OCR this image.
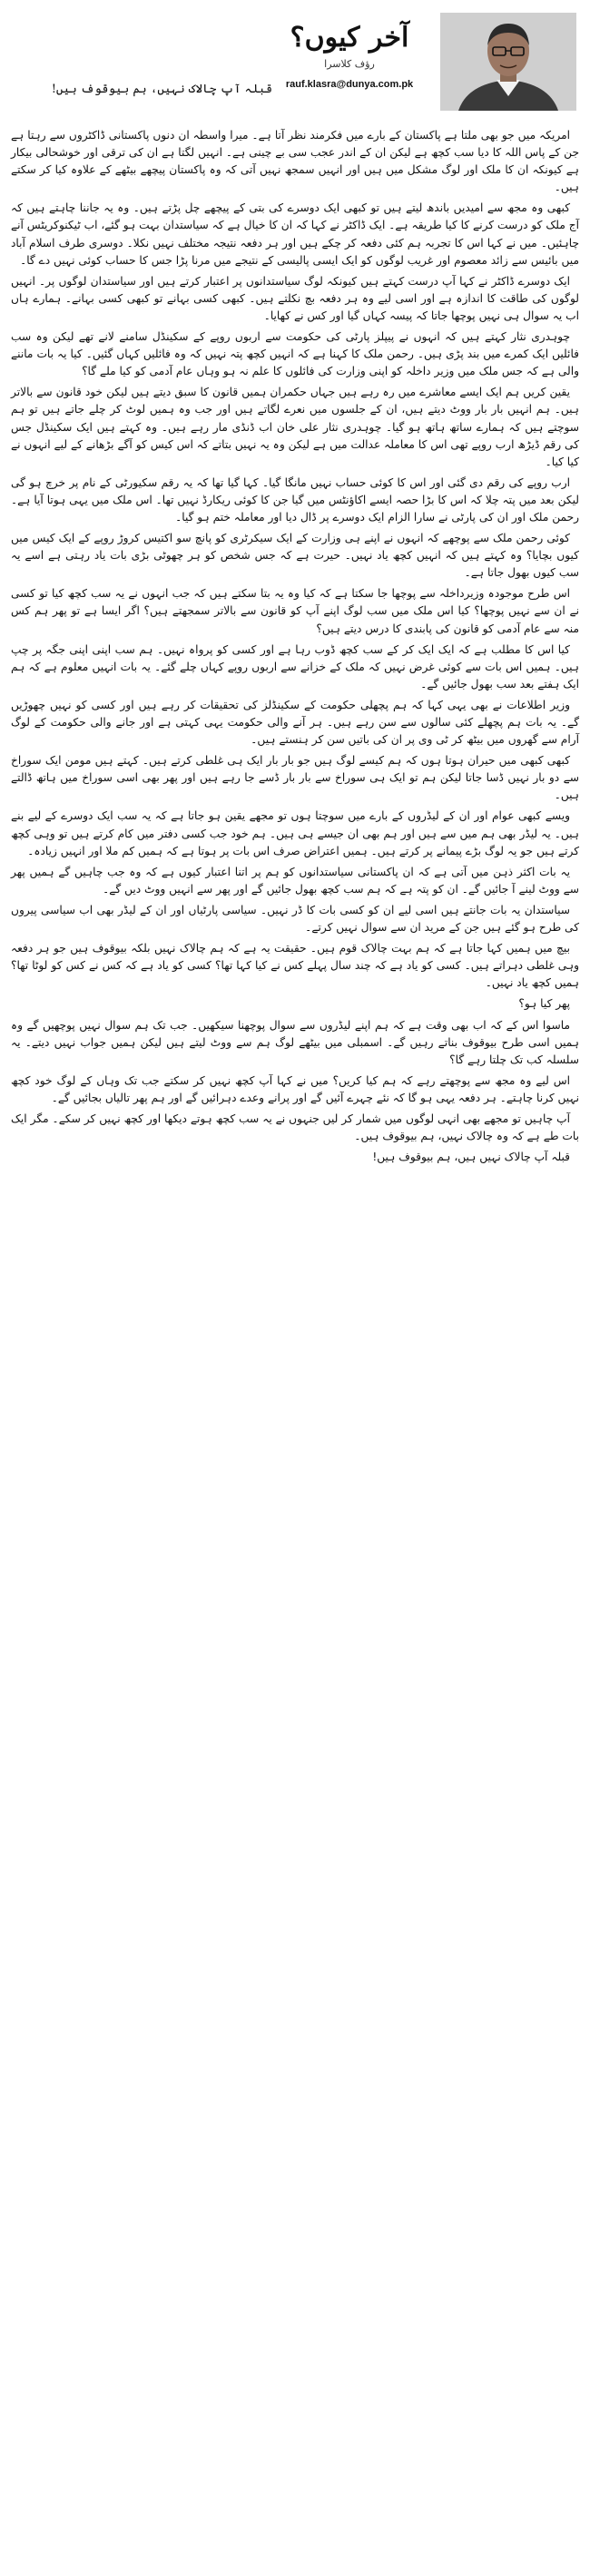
آخر کیوں؟
رؤف کلاسرا
rauf.klasra@dunya.com.pk
قبلہ آپ چالاک نہیں، ہم بیوقوف ہیں!

امریکہ میں جو بھی ملتا ہے پاکستان کے بارے میں فکرمند نظر آتا ہے۔ میرا واسطہ ان دنوں پاکستانی ڈاکٹروں سے رہتا ہے جن کے پاس اللہ کا دیا سب کچھ ہے لیکن ان کے اندر عجب سی بے چینی ہے۔ انہیں لگتا ہے ان کی ترقی اور خوشحالی بیکار ہے کیونکہ ان کا ملک اور لوگ مشکل میں ہیں اور انہیں سمجھ نہیں آتی کہ وہ پاکستان پیچھے بیٹھے کے علاوہ کیا کر سکتے ہیں۔

کبھی وہ مجھ سے امیدیں باندھ لیتے ہیں تو کبھی ایک دوسرے کی بتی کے پیچھے چل پڑتے ہیں۔ وہ یہ جاننا چاہتے ہیں کہ آج ملک کو درست کرنے کا کیا طریقہ ہے۔ ایک ڈاکٹر نے کہا کہ ان کا خیال ہے کہ سیاستدان بہت ہو گئے، اب ٹیکنوکریٹس آنے چاہئیں۔ میں نے کہا اس کا تجربہ ہم کئی دفعہ کر چکے ہیں اور ہر دفعہ نتیجہ مختلف نہیں نکلا۔ دوسری طرف اسلام آباد میں بائیس سے زائد معصوم اور غریب لوگوں کو ایک ایسی پالیسی کے نتیجے میں مرنا پڑا جس کا حساب کوئی نہیں دے گا۔

ایک دوسرے ڈاکٹر نے کہا آپ درست کہتے ہیں کیونکہ لوگ سیاستدانوں پر اعتبار کرتے ہیں اور سیاستدان لوگوں پر۔ انہیں لوگوں کی طاقت کا اندازہ ہے اور اسی لیے وہ ہر دفعہ بچ نکلتے ہیں۔ کبھی کسی بہانے تو کبھی کسی بہانے۔ ہمارے ہاں اب یہ سوال ہی نہیں پوچھا جاتا کہ پیسہ کہاں گیا اور کس نے کھایا۔

چوہدری نثار کہتے ہیں کہ انہوں نے پیپلز پارٹی کی حکومت سے اربوں روپے کے سکینڈل سامنے لانے تھے لیکن وہ سب فائلیں ایک کمرے میں بند پڑی ہیں۔ رحمن ملک کا کہنا ہے کہ انہیں کچھ پتہ نہیں کہ وہ فائلیں کہاں گئیں۔ کیا یہ بات ماننے والی ہے کہ جس ملک میں وزیر داخلہ کو اپنی وزارت کی فائلوں کا علم نہ ہو وہاں عام آدمی کو کیا ملے گا؟

یقین کریں ہم ایک ایسے معاشرے میں رہ رہے ہیں جہاں حکمران ہمیں قانون کا سبق دیتے ہیں لیکن خود قانون سے بالاتر ہیں۔ ہم انہیں بار بار ووٹ دیتے ہیں، ان کے جلسوں میں نعرے لگاتے ہیں اور جب وہ ہمیں لوٹ کر چلے جاتے ہیں تو ہم سوچتے ہیں کہ ہمارے ساتھ ہاتھ ہو گیا۔ چوہدری نثار علی خان اب ڈنڈی مار رہے ہیں۔ وہ کہتے ہیں ایک سکینڈل جس کی رقم ڈیڑھ ارب روپے تھی اس کا معاملہ عدالت میں ہے لیکن وہ یہ نہیں بتاتے کہ اس کیس کو آگے بڑھانے کے لیے انہوں نے کیا کیا۔

ارب روپے کی رقم دی گئی اور اس کا کوئی حساب نہیں مانگا گیا۔ کہا گیا تھا کہ یہ رقم سکیورٹی کے نام پر خرچ ہو گی لیکن بعد میں پتہ چلا کہ اس کا بڑا حصہ ایسے اکاؤنٹس میں گیا جن کا کوئی ریکارڈ نہیں تھا۔ اس ملک میں یہی ہوتا آیا ہے۔ رحمن ملک اور ان کی پارٹی نے سارا الزام ایک دوسرے پر ڈال دیا اور معاملہ ختم ہو گیا۔

کوئی رحمن ملک سے پوچھے کہ انہوں نے اپنے ہی وزارت کے ایک سیکرٹری کو پانچ سو اکتیس کروڑ روپے کے ایک کیس میں کیوں بچایا؟ وہ کہتے ہیں کہ انہیں کچھ یاد نہیں۔ حیرت ہے کہ جس شخص کو ہر چھوٹی بڑی بات یاد رہتی ہے اسے یہ سب کیوں بھول جاتا ہے۔

اس طرح موجودہ وزیرداخلہ سے پوچھا جا سکتا ہے کہ کیا وہ یہ بتا سکتے ہیں کہ جب انہوں نے یہ سب کچھ کیا تو کسی نے ان سے نہیں پوچھا؟ کیا اس ملک میں سب لوگ اپنے آپ کو قانون سے بالاتر سمجھتے ہیں؟ اگر ایسا ہے تو پھر ہم کس منہ سے عام آدمی کو قانون کی پابندی کا درس دیتے ہیں؟

کیا اس کا مطلب ہے کہ ایک ایک کر کے سب کچھ ڈوب رہا ہے اور کسی کو پرواہ نہیں۔ ہم سب اپنی اپنی جگہ پر چپ ہیں۔ ہمیں اس بات سے کوئی غرض نہیں کہ ملک کے خزانے سے اربوں روپے کہاں چلے گئے۔ یہ بات انہیں معلوم ہے کہ ہم ایک ہفتے بعد سب بھول جائیں گے۔

وزیر اطلاعات نے بھی یہی کہا کہ ہم پچھلی حکومت کے سکینڈلز کی تحقیقات کر رہے ہیں اور کسی کو نہیں چھوڑیں گے۔ یہ بات ہم پچھلے کئی سالوں سے سن رہے ہیں۔ ہر آنے والی حکومت یہی کہتی ہے اور جانے والی حکومت کے لوگ آرام سے گھروں میں بیٹھ کر ٹی وی پر ان کی باتیں سن کر ہنستے ہیں۔

کبھی کبھی میں حیران ہوتا ہوں کہ ہم کیسے لوگ ہیں جو بار بار ایک ہی غلطی کرتے ہیں۔ کہتے ہیں مومن ایک سوراخ سے دو بار نہیں ڈسا جاتا لیکن ہم تو ایک ہی سوراخ سے بار بار ڈسے جا رہے ہیں اور پھر بھی اسی سوراخ میں ہاتھ ڈالتے ہیں۔

ویسے کبھی عوام اور ان کے لیڈروں کے بارے میں سوچتا ہوں تو مجھے یقین ہو جاتا ہے کہ یہ سب ایک دوسرے کے لیے بنے ہیں۔ یہ لیڈر بھی ہم میں سے ہیں اور ہم بھی ان جیسے ہی ہیں۔ ہم خود جب کسی دفتر میں کام کرتے ہیں تو وہی کچھ کرتے ہیں جو یہ لوگ بڑے پیمانے پر کرتے ہیں۔ ہمیں اعتراض صرف اس بات پر ہوتا ہے کہ ہمیں کم ملا اور انہیں زیادہ۔

یہ بات اکثر ذہن میں آتی ہے کہ ان پاکستانی سیاستدانوں کو ہم پر اتنا اعتبار کیوں ہے کہ وہ جب چاہیں گے ہمیں پھر سے ووٹ لینے آ جائیں گے۔ ان کو پتہ ہے کہ ہم سب کچھ بھول جائیں گے اور پھر سے انہیں ووٹ دیں گے۔

سیاستدان یہ بات جانتے ہیں اسی لیے ان کو کسی بات کا ڈر نہیں۔ سیاسی پارٹیاں اور ان کے لیڈر بھی اب سیاسی پیروں کی طرح ہو گئے ہیں جن کے مرید ان سے سوال نہیں کرتے۔

بیچ میں ہمیں کہا جاتا ہے کہ ہم بہت چالاک قوم ہیں۔ حقیقت یہ ہے کہ ہم چالاک نہیں بلکہ بیوقوف ہیں جو ہر دفعہ وہی غلطی دہراتے ہیں۔ کسی کو یاد ہے کہ چند سال پہلے کس نے کیا کہا تھا؟ کسی کو یاد ہے کہ کس نے کس کو لوٹا تھا؟ ہمیں کچھ یاد نہیں۔

پھر کیا ہو؟

ماسوا اس کے کہ اب بھی وقت ہے کہ ہم اپنے لیڈروں سے سوال پوچھنا سیکھیں۔ جب تک ہم سوال نہیں پوچھیں گے وہ ہمیں اسی طرح بیوقوف بناتے رہیں گے۔ اسمبلی میں بیٹھے لوگ ہم سے ووٹ لیتے ہیں لیکن ہمیں جواب نہیں دیتے۔ یہ سلسلہ کب تک چلتا رہے گا؟

اس لیے وہ مجھ سے پوچھتے رہے کہ ہم کیا کریں؟ میں نے کہا آپ کچھ نہیں کر سکتے جب تک وہاں کے لوگ خود کچھ نہیں کرنا چاہتے۔ ہر دفعہ یہی ہو گا کہ نئے چہرے آئیں گے اور پرانے وعدے دہرائیں گے اور ہم پھر تالیاں بجائیں گے۔

آپ چاہیں تو مجھے بھی انہی لوگوں میں شمار کر لیں جنہوں نے یہ سب کچھ ہوتے دیکھا اور کچھ نہیں کر سکے۔ مگر ایک بات طے ہے کہ وہ چالاک نہیں، ہم بیوقوف ہیں۔

قبلہ آپ چالاک نہیں ہیں، ہم بیوقوف ہیں!
